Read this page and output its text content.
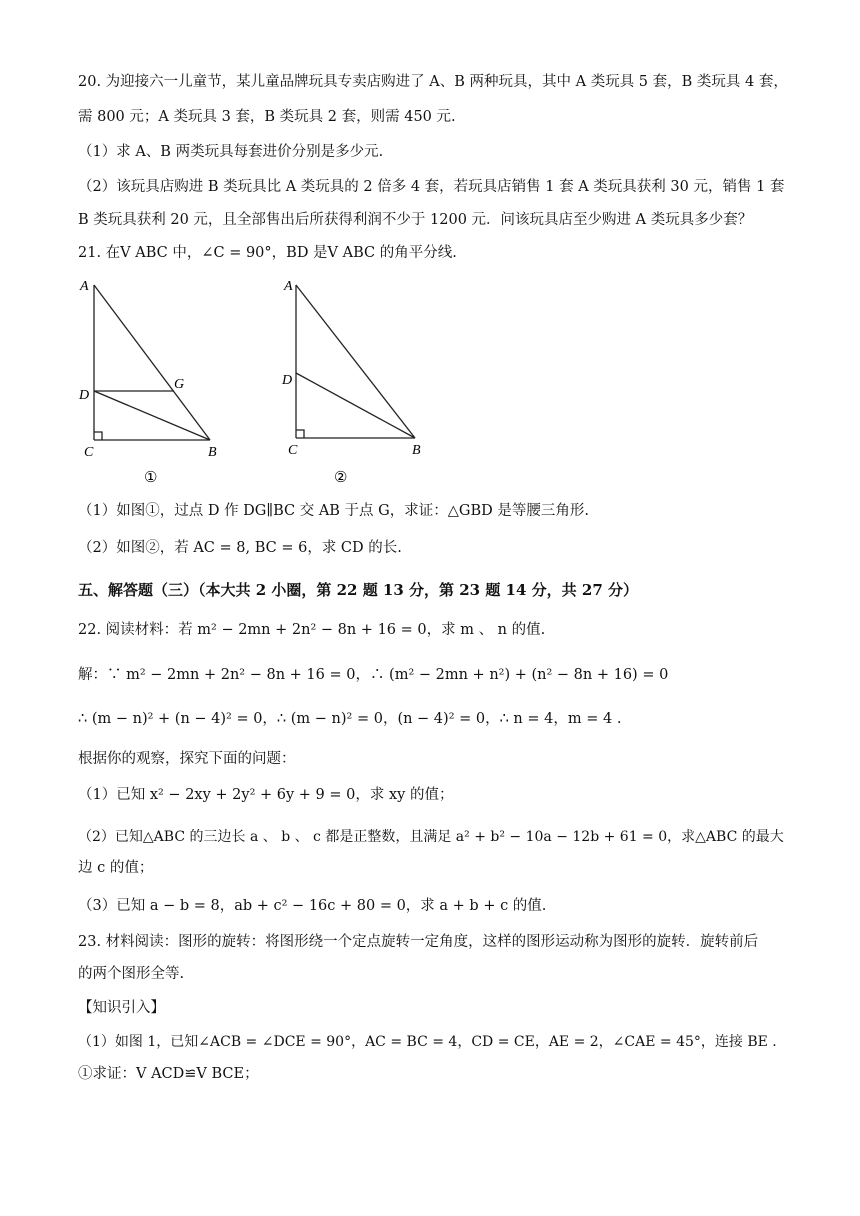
20. 为迎接六一儿童节，某儿童品牌玩具专卖店购进了 A、B 两种玩具，其中 A 类玩具 5 套，B 类玩具 4 套，
需 800 元；A 类玩具 3 套，B 类玩具 2 套，则需 450 元.
（1）求 A、B 两类玩具每套进价分别是多少元.
（2）该玩具店购进 B 类玩具比 A 类玩具的 2 倍多 4 套，若玩具店销售 1 套 A 类玩具获利 30 元，销售 1 套
B 类玩具获利 20 元，且全部售出后所获得利润不少于 1200 元．问该玩具店至少购进 A 类玩具多少套？
21. 在V ABC 中，∠C = 90°，BD 是V ABC 的角平分线.
A
D
G
C	B
①
A
D
C	B
②
（1）如图①，过点 D 作 DG∥BC 交 AB 于点 G，求证：△GBD 是等腰三角形.
（2）如图②，若 AC = 8, BC = 6，求 CD 的长.
五、解答题（三）（本大共 2 小圈，第 22 题 13 分，第 23 题 14 分，共 27 分）
22. 阅读材料：若 m² − 2mn + 2n² − 8n + 16 = 0，求 m 、 n 的值.
解：∵ m² − 2mn + 2n² − 8n + 16 = 0，∴ (m² − 2mn + n²) + (n² − 8n + 16) = 0
∴ (m − n)² + (n − 4)² = 0，∴ (m − n)² = 0，(n − 4)² = 0，∴ n = 4，m = 4 .
根据你的观察，探究下面的问题：
（1）已知 x² − 2xy + 2y² + 6y + 9 = 0，求 xy 的值；
（2）已知△ABC 的三边长 a 、 b 、 c 都是正整数，且满足 a² + b² − 10a − 12b + 61 = 0，求△ABC 的最大
边 c 的值；
（3）已知 a − b = 8，ab + c² − 16c + 80 = 0，求 a + b + c 的值.
23. 材料阅读：图形的旋转：将图形绕一个定点旋转一定角度，这样的图形运动称为图形的旋转．旋转前后
的两个图形全等.
【知识引入】
（1）如图 1，已知∠ACB = ∠DCE = 90°，AC = BC = 4，CD = CE，AE = 2，∠CAE = 45°，连接 BE .
①求证：V ACD≌V BCE；
